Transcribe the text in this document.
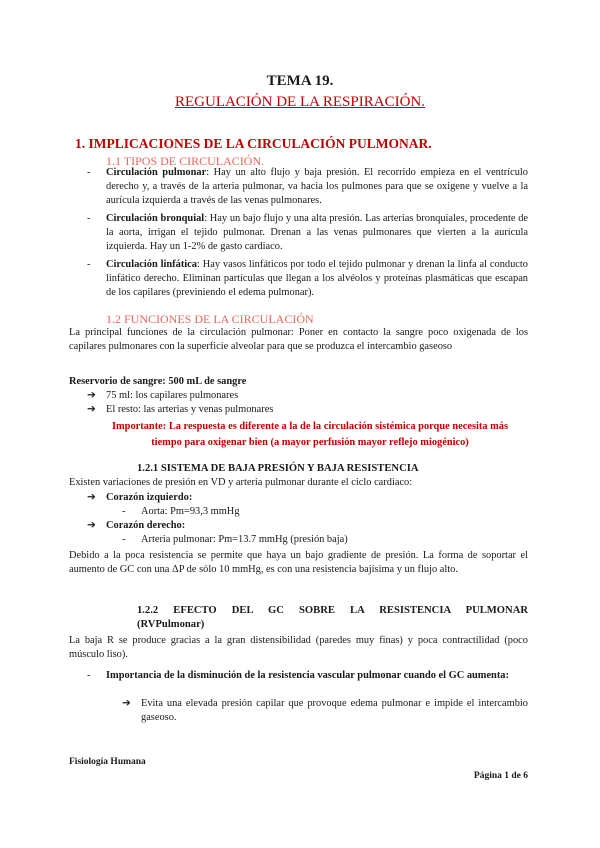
TEMA 19.
REGULACIÓN DE LA RESPIRACIÓN.
1. IMPLICACIONES DE LA CIRCULACIÓN PULMONAR.
1.1 TIPOS DE CIRCULACIÓN.
- Circulación pulmonar: Hay un alto flujo y baja presión. El recorrido empieza en el ventrículo derecho y, a través de la arteria pulmonar, va hacia los pulmones para que se oxigene y vuelve a la aurícula izquierda a través de las venas pulmonares.
- Circulación bronquial: Hay un bajo flujo y una alta presión. Las arterias bronquiales, procedente de la aorta, irrigan el tejido pulmonar. Drenan a las venas pulmonares que vierten a la aurícula izquierda. Hay un 1-2% de gasto cardiaco.
- Circulación linfática: Hay vasos linfáticos por todo el tejido pulmonar y drenan la linfa al conducto linfático derecho. Eliminan partículas que llegan a los alvéolos y proteínas plasmáticas que escapan de los capilares (previniendo el edema pulmonar).
1.2 FUNCIONES DE LA CIRCULACIÓN
La principal funciones de la circulación pulmonar: Poner en contacto la sangre poco oxigenada de los capilares pulmonares con la superficie alveolar para que se produzca el intercambio gaseoso
Reservorio de sangre: 500 mL de sangre
➔ 75 ml: los capilares pulmonares
➔ El resto: las arterias y venas pulmonares
Importante: La respuesta es diferente a la de la circulación sistémica porque necesita más tiempo para oxigenar bien (a mayor perfusión mayor reflejo miogénico)
1.2.1 SISTEMA DE BAJA PRESIÓN Y BAJA RESISTENCIA
Existen variaciones de presión en VD y arteria pulmonar durante el ciclo cardiaco:
➔ Corazón izquierdo:
- Aorta: Pm=93,3 mmHg
➔ Corazón derecho:
- Arteria pulmonar: Pm=13.7 mmHg (presión baja)
Debido a la poca resistencia se permite que haya un bajo gradiente de presión. La forma de soportar el aumento de GC con una ΔP de sólo 10 mmHg, es con una resistencia bajísima y un flujo alto.
1.2.2 EFECTO DEL GC SOBRE LA RESISTENCIA PULMONAR
(RVPulmonar)
La baja R se produce gracias a la gran distensibilidad (paredes muy finas) y poca contractilidad (poco músculo liso).
- Importancia de la disminución de la resistencia vascular pulmonar cuando el GC aumenta:
➔ Evita una elevada presión capilar que provoque edema pulmonar e impide el intercambio gaseoso.
Fisiología Humana
Página 1 de 6
